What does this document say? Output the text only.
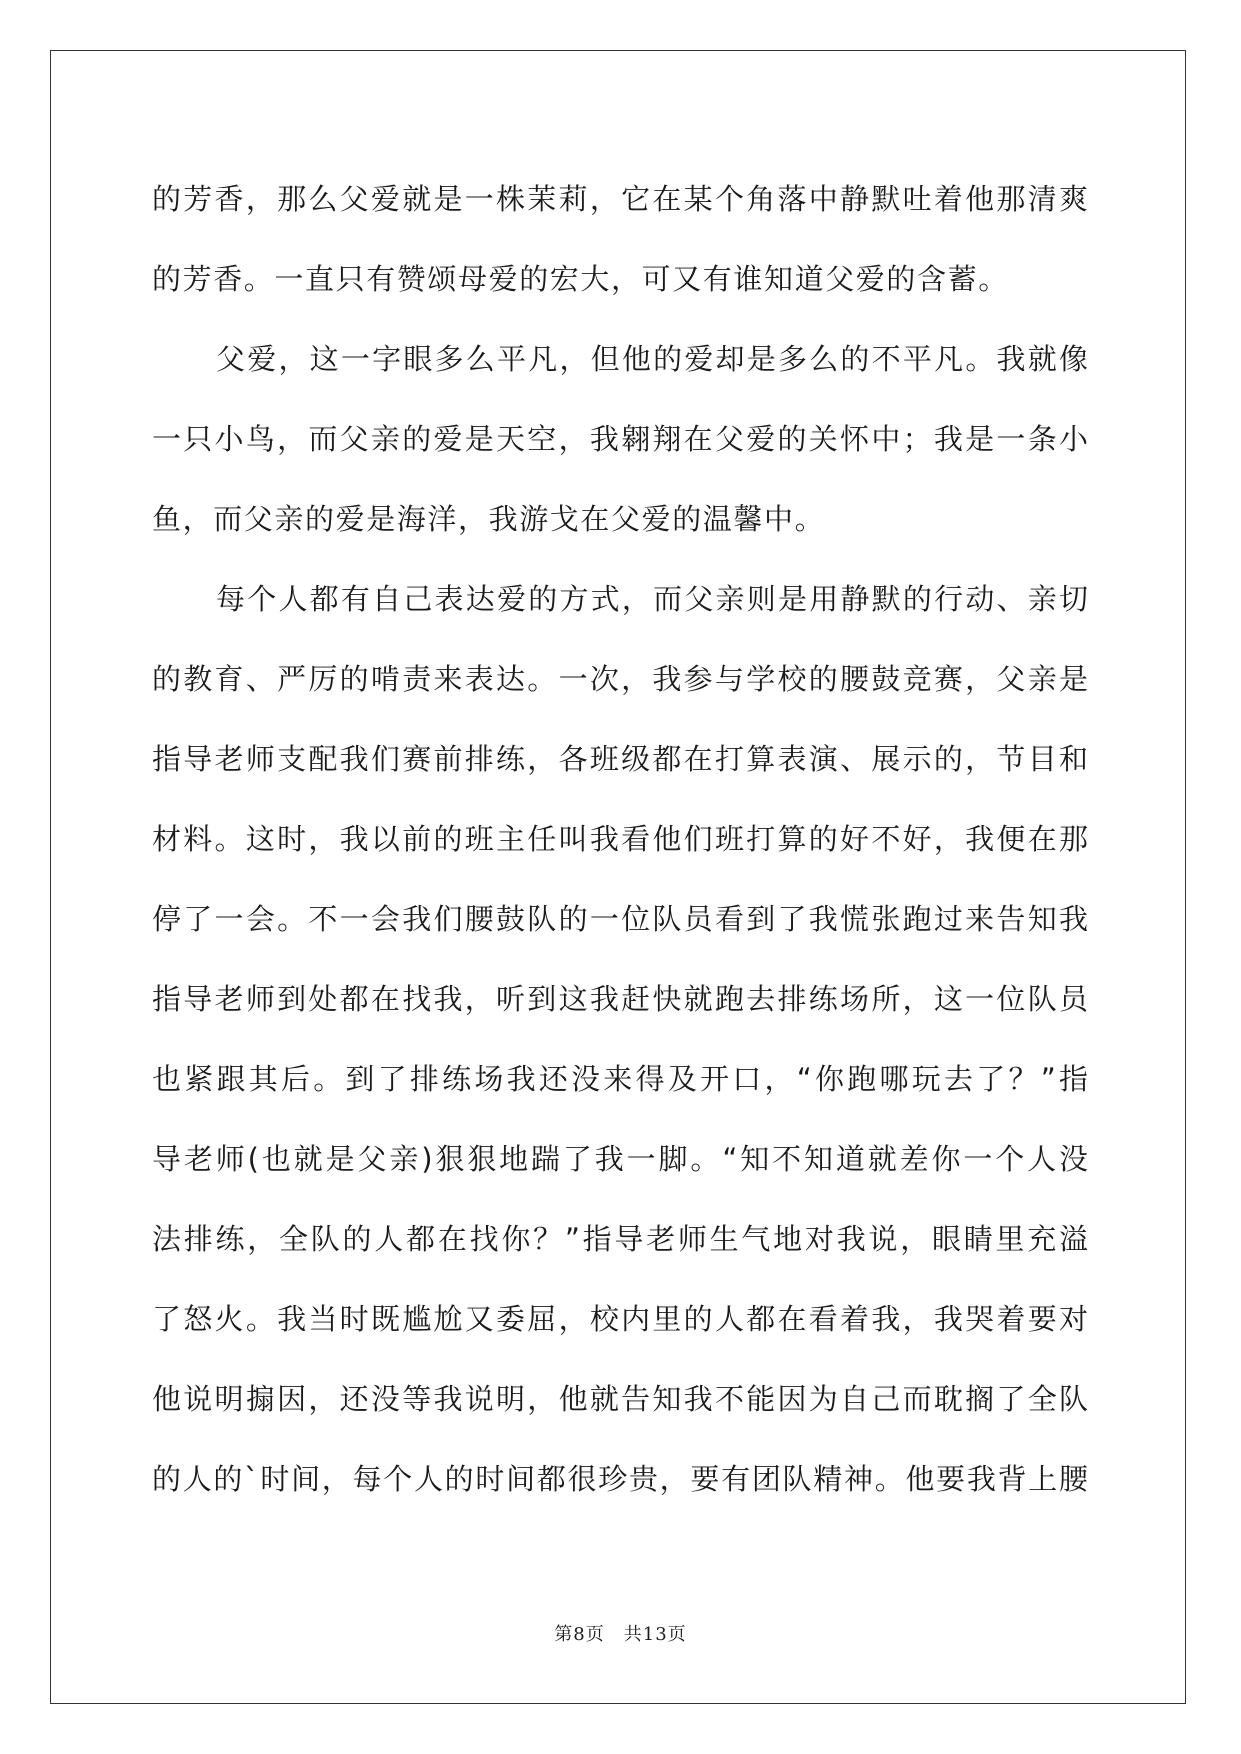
的芳香，那么父爱就是一株茉莉，它在某个角落中静默吐着他那清爽
的芳香。一直只有赞颂母爱的宏大，可又有谁知道父爱的含蓄。
父爱，这一字眼多么平凡，但他的爱却是多么的不平凡。我就像
一只小鸟，而父亲的爱是天空，我翱翔在父爱的关怀中；我是一条小
鱼，而父亲的爱是海洋，我游戈在父爱的温馨中。
每个人都有自己表达爱的方式，而父亲则是用静默的行动、亲切
的教育、严厉的啃责来表达。一次，我参与学校的腰鼓竞赛，父亲是
指导老师支配我们赛前排练，各班级都在打算表演、展示的，节目和
材料。这时，我以前的班主任叫我看他们班打算的好不好，我便在那
停了一会。不一会我们腰鼓队的一位队员看到了我慌张跑过来告知我
指导老师到处都在找我，听到这我赶快就跑去排练场所，这一位队员
也紧跟其后。到了排练场我还没来得及开口，“你跑哪玩去了？”指
导老师(也就是父亲)狠狠地踹了我一脚。“知不知道就差你一个人没
法排练，全队的人都在找你？”指导老师生气地对我说，眼睛里充溢
了怒火。我当时既尴尬又委屈，校内里的人都在看着我，我哭着要对
他说明搧因，还没等我说明，他就告知我不能因为自己而耽搁了全队
的人的`时间，每个人的时间都很珍贵，要有团队精神。他要我背上腰
第8页　共13页
